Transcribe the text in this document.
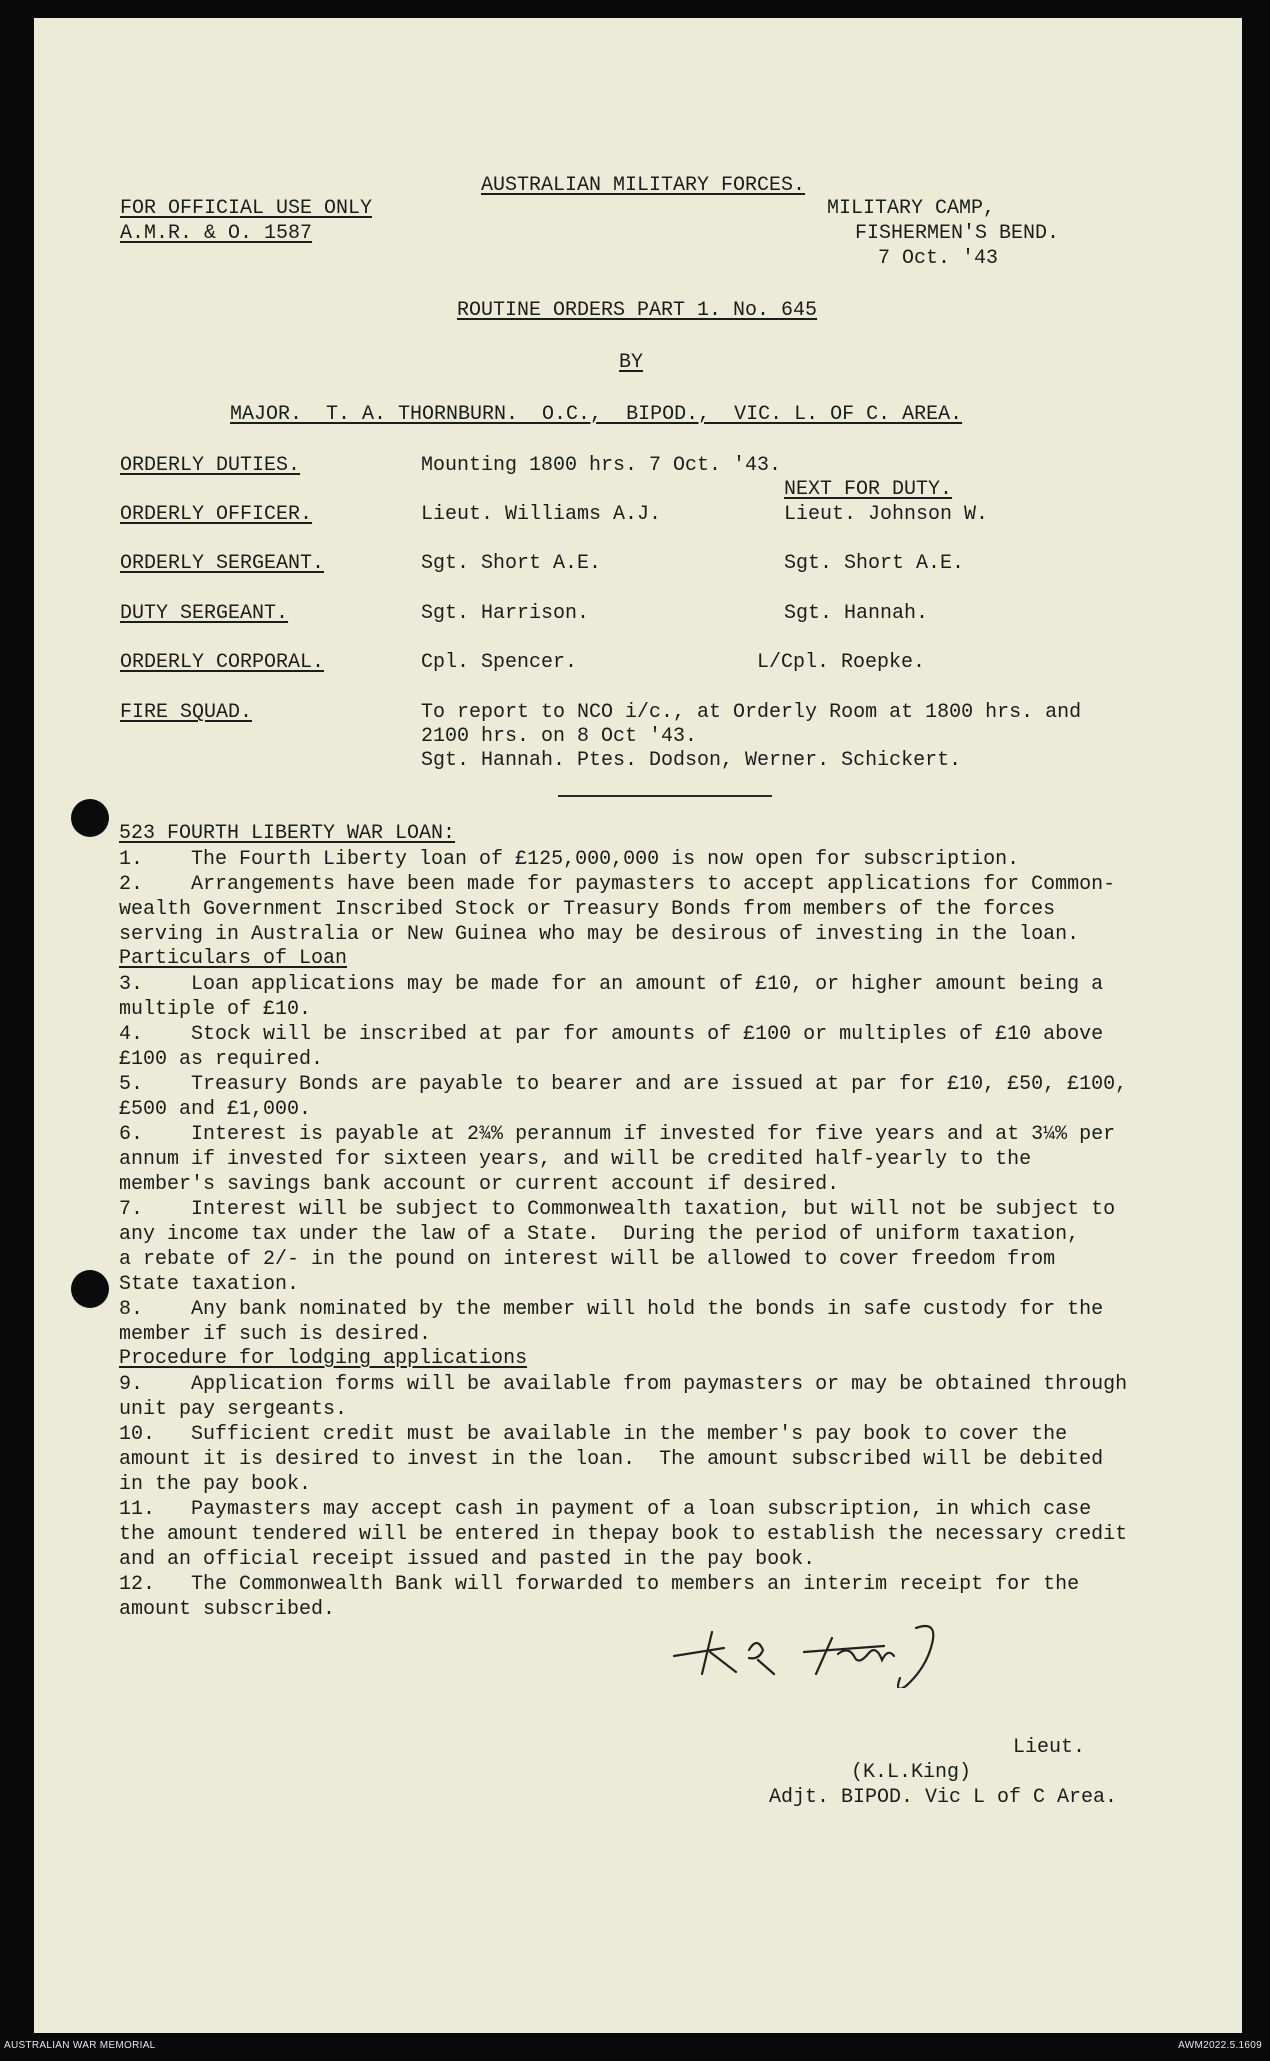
AUSTRALIAN MILITARY FORCES.
FOR OFFICIAL USE ONLY
A.M.R. & O. 1587
MILITARY CAMP,
FISHERMEN'S BEND.
7 Oct. '43
ROUTINE ORDERS PART 1. No. 645
BY
MAJOR.  T. A. THORNBURN.  O.C.,  BIPOD.,  VIC. L. OF C. AREA.
ORDERLY DUTIES.	Mounting 1800 hrs. 7 Oct. '43.
NEXT FOR DUTY.
ORDERLY OFFICER.	Lieut. Williams A.J.	Lieut. Johnson W.
ORDERLY SERGEANT.	Sgt. Short A.E.	Sgt. Short A.E.
DUTY SERGEANT.	Sgt. Harrison.	Sgt. Hannah.
ORDERLY CORPORAL.	Cpl. Spencer.	L/Cpl. Roepke.
FIRE SQUAD.	To report to NCO i/c., at Orderly Room at 1800 hrs. and
2100 hrs. on 8 Oct '43.
Sgt. Hannah. Ptes. Dodson, Werner. Schickert.
523 FOURTH LIBERTY WAR LOAN:
1.    The Fourth Liberty loan of £125,000,000 is now open for subscription.
2.    Arrangements have been made for paymasters to accept applications for Common-
wealth Government Inscribed Stock or Treasury Bonds from members of the forces
serving in Australia or New Guinea who may be desirous of investing in the loan.
Particulars of Loan
3.    Loan applications may be made for an amount of £10, or higher amount being a
multiple of £10.
4.    Stock will be inscribed at par for amounts of £100 or multiples of £10 above
£100 as required.
5.    Treasury Bonds are payable to bearer and are issued at par for £10, £50, £100,
£500 and £1,000.
6.    Interest is payable at 2¾% perannum if invested for five years and at 3¼% per
annum if invested for sixteen years, and will be credited half-yearly to the
member's savings bank account or current account if desired.
7.    Interest will be subject to Commonwealth taxation, but will not be subject to
any income tax under the law of a State.  During the period of uniform taxation,
a rebate of 2/- in the pound on interest will be allowed to cover freedom from
State taxation.
8.    Any bank nominated by the member will hold the bonds in safe custody for the
member if such is desired.
Procedure for lodging applications
9.    Application forms will be available from paymasters or may be obtained through
unit pay sergeants.
10.   Sufficient credit must be available in the member's pay book to cover the
amount it is desired to invest in the loan.  The amount subscribed will be debited
in the pay book.
11.   Paymasters may accept cash in payment of a loan subscription, in which case
the amount tendered will be entered in thepay book to establish the necessary credit
and an official receipt issued and pasted in the pay book.
12.   The Commonwealth Bank will forwarded to members an interim receipt for the
amount subscribed.
Lieut.
(K.L.King)
Adjt. BIPOD. Vic L of C Area.
AUSTRALIAN WAR MEMORIAL	AWM2022.5.1609
